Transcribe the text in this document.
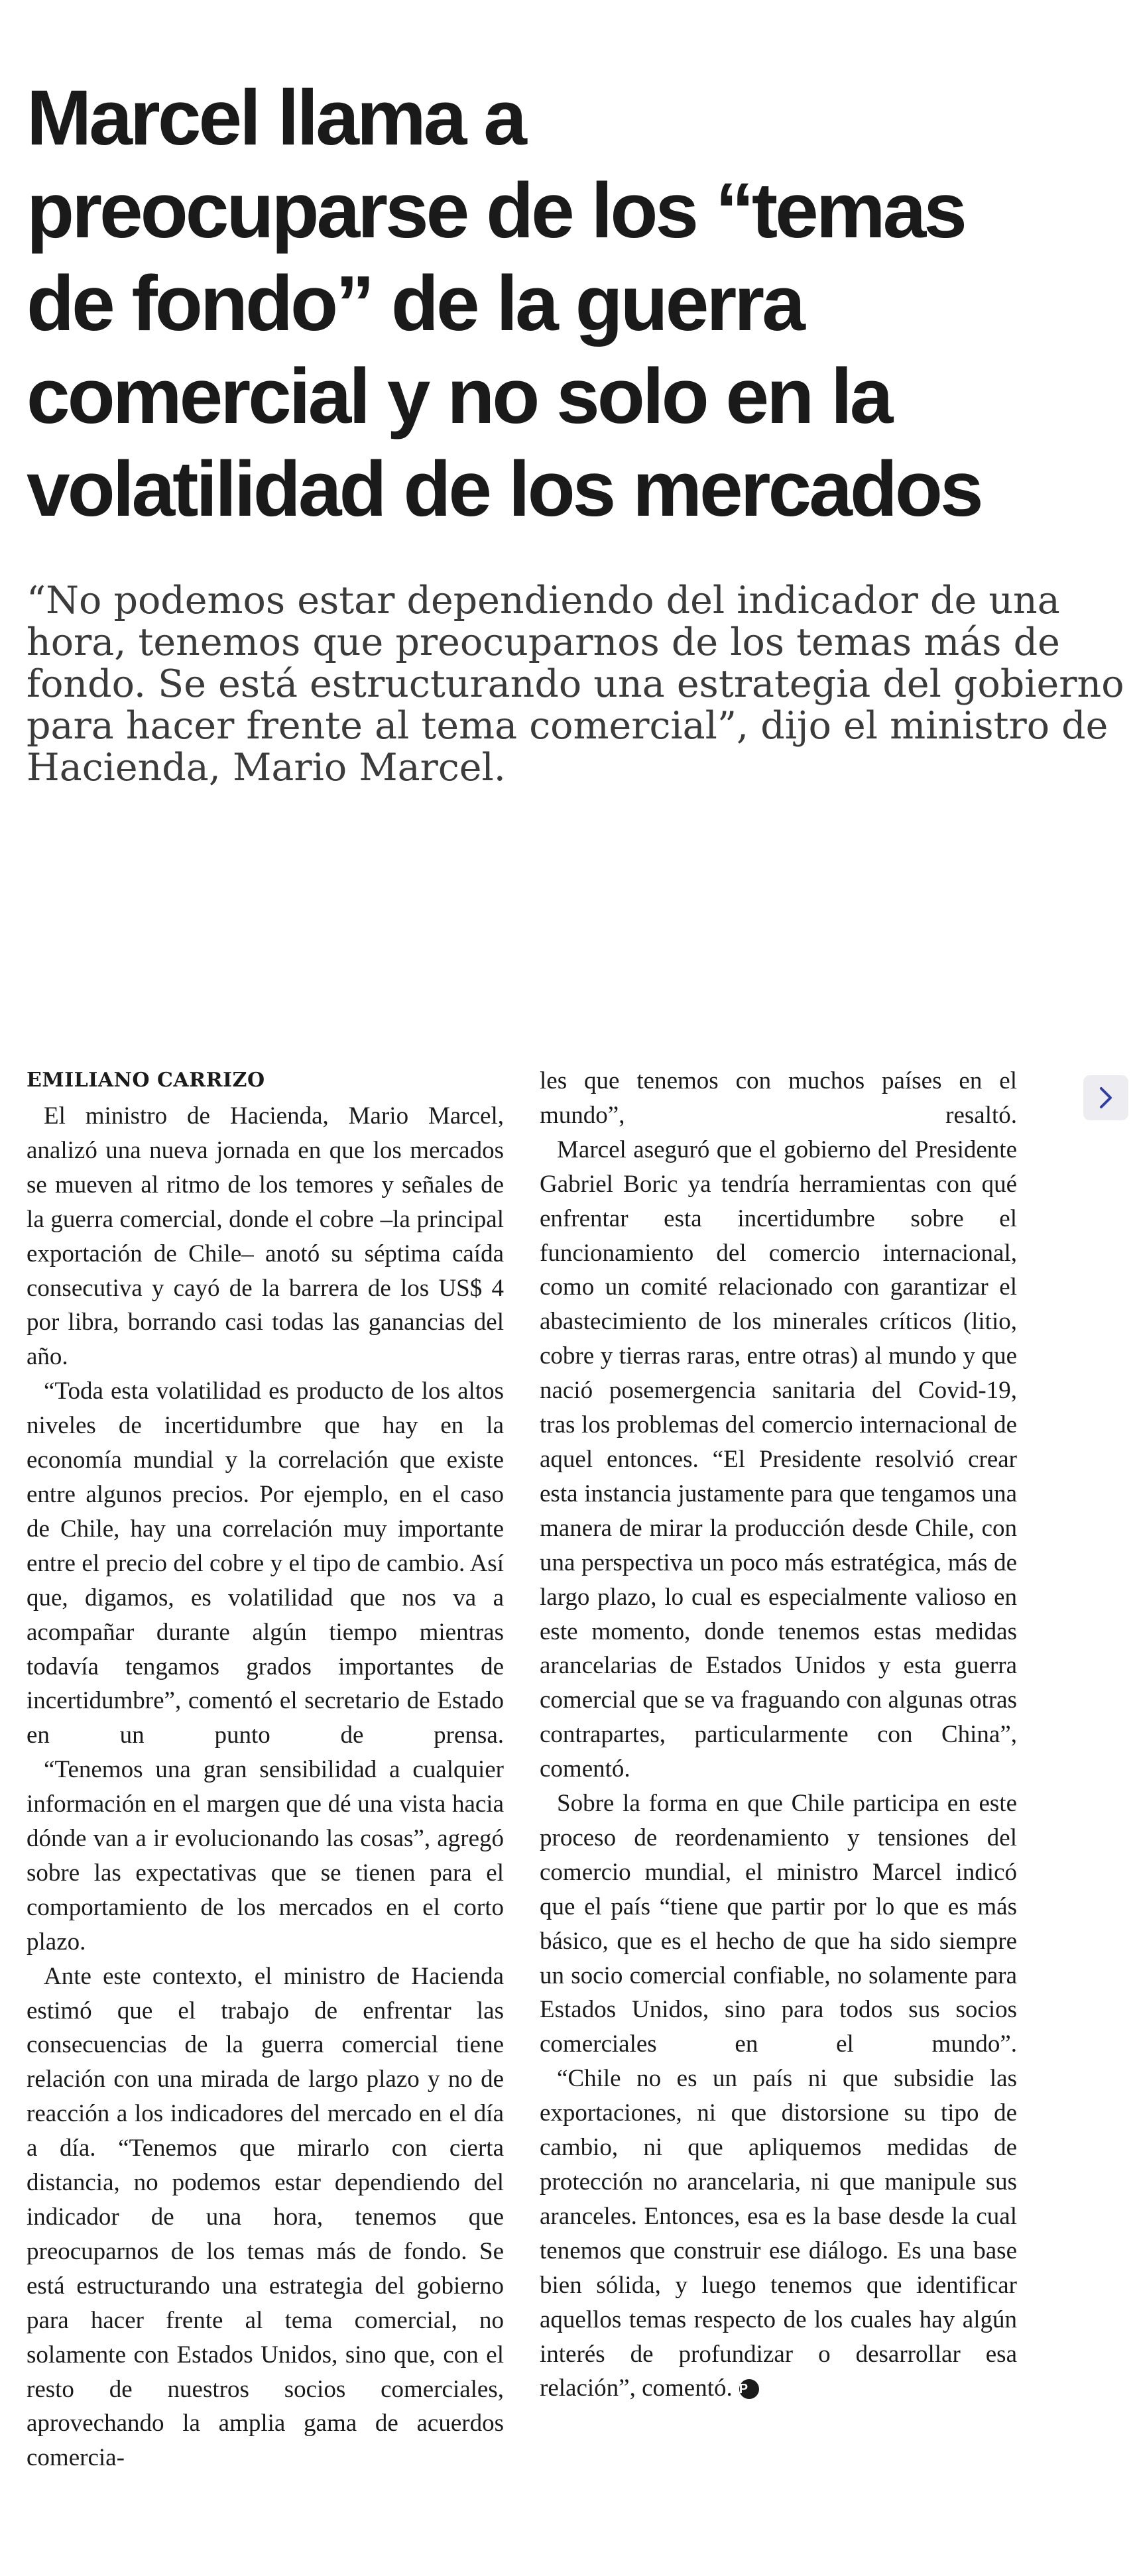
Marcel llama a
preocuparse de los “temas
de fondo” de la guerra
comercial y no solo en la
volatilidad de los mercados

“No podemos estar dependiendo del indicador de una
hora, tenemos que preocuparnos de los temas más de
fondo. Se está estructurando una estrategia del gobierno
para hacer frente al tema comercial”, dijo el ministro de
Hacienda, Mario Marcel.

EMILIANO CARRIZO

El ministro de Hacienda, Mario Marcel, analizó una nueva jornada en que los mercados se mueven al ritmo de los temores y señales de la guerra comercial, donde el cobre –la principal exportación de Chile– anotó su séptima caída consecutiva y cayó de la barrera de los US$ 4 por libra, borrando casi todas las ganancias del año.

“Toda esta volatilidad es producto de los altos niveles de incertidumbre que hay en la economía mundial y la correlación que existe entre algunos precios. Por ejemplo, en el caso de Chile, hay una correlación muy importante entre el precio del cobre y el tipo de cambio. Así que, digamos, es volatilidad que nos va a acompañar durante algún tiempo mientras todavía tengamos grados importantes de incertidumbre”, comentó el secretario de Estado en un punto de prensa.

“Tenemos una gran sensibilidad a cualquier información en el margen que dé una vista hacia dónde van a ir evolucionando las cosas”, agregó sobre las expectativas que se tienen para el comportamiento de los mercados en el corto plazo.

Ante este contexto, el ministro de Hacienda estimó que el trabajo de enfrentar las consecuencias de la guerra comercial tiene relación con una mirada de largo plazo y no de reacción a los indicadores del mercado en el día a día. “Tenemos que mirarlo con cierta distancia, no podemos estar dependiendo del indicador de una hora, tenemos que preocuparnos de los temas más de fondo. Se está estructurando una estrategia del gobierno para hacer frente al tema comercial, no solamente con Estados Unidos, sino que, con el resto de nuestros socios comerciales, aprovechando la amplia gama de acuerdos comercia-

les que tenemos con muchos países en el mundo”, resaltó.

Marcel aseguró que el gobierno del Presidente Gabriel Boric ya tendría herramientas con qué enfrentar esta incertidumbre sobre el funcionamiento del comercio internacional, como un comité relacionado con garantizar el abastecimiento de los minerales críticos (litio, cobre y tierras raras, entre otras) al mundo y que nació posemergencia sanitaria del Covid-19, tras los problemas del comercio internacional de aquel entonces. “El Presidente resolvió crear esta instancia justamente para que tengamos una manera de mirar la producción desde Chile, con una perspectiva un poco más estratégica, más de largo plazo, lo cual es especialmente valioso en este momento, donde tenemos estas medidas arancelarias de Estados Unidos y esta guerra comercial que se va fraguando con algunas otras contrapartes, particularmente con China”, comentó.

Sobre la forma en que Chile participa en este proceso de reordenamiento y tensiones del comercio mundial, el ministro Marcel indicó que el país “tiene que partir por lo que es más básico, que es el hecho de que ha sido siempre un socio comercial confiable, no solamente para Estados Unidos, sino para todos sus socios comerciales en el mundo”.

“Chile no es un país ni que subsidie las exportaciones, ni que distorsione su tipo de cambio, ni que apliquemos medidas de protección no arancelaria, ni que manipule sus aranceles. Entonces, esa es la base desde la cual tenemos que construir ese diálogo. Es una base bien sólida, y luego tenemos que identificar aquellos temas respecto de los cuales hay algún interés de profundizar o desarrollar esa relación”, comentó. P
